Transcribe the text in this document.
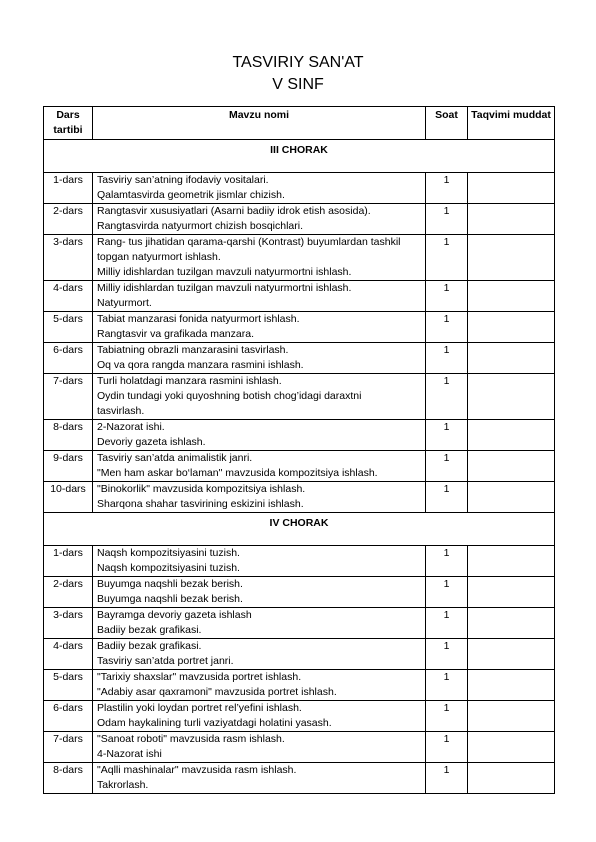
TASVIRIY SAN'AT
V SINF
Dars tartibi	Mavzu nomi	Soat	Taqvimi muddat
III CHORAK			
1-dars	Tasviriy san’atning ifodaviy vositalari.
Qalamtasvirda geometrik jismlar chizish.	1	
2-dars	Rangtasvir xususiyatlari (Asarni badiiy idrok etish asosida).
Rangtasvirda natyurmort chizish bosqichlari.	1	
3-dars	Rang- tus jihatidan qarama-qarshi (Kontrast) buyumlardan tashkil
topgan natyurmort ishlash.
Milliy idishlardan tuzilgan mavzuli natyurmortni ishlash.	1	
4-dars	Milliy idishlardan tuzilgan mavzuli natyurmortni ishlash.
Natyurmort.	1	
5-dars	Tabiat manzarasi fonida natyurmort ishlash.
Rangtasvir va grafikada manzara.	1	
6-dars	Tabiatning obrazli manzarasini tasvirlash.
Oq va qora rangda manzara rasmini ishlash.	1	
7-dars	Turli holatdagi manzara rasmini ishlash.
Oydin tundagi yoki quyoshning botish chog’idagi daraxtni
tasvirlash.	1	
8-dars	2-Nazorat ishi.
Devoriy gazeta ishlash.	1	
9-dars	Tasviriy san’atda animalistik janri.
"Men ham askar bo‘laman" mavzusida kompozitsiya ishlash.	1	
10-dars	"Binokorlik" mavzusida kompozitsiya ishlash.
Sharqona shahar tasvirining eskizini ishlash.	1	
IV CHORAK			
1-dars	Naqsh kompozitsiyasini tuzish.
Naqsh kompozitsiyasini tuzish.	1	
2-dars	Buyumga naqshli bezak berish.
Buyumga naqshli bezak berish.	1	
3-dars	Bayramga devoriy gazeta ishlash
Badiiy bezak grafikasi.	1	
4-dars	Badiiy bezak grafikasi.
Tasviriy san’atda portret janri.	1	
5-dars	"Tarixiy shaxslar" mavzusida portret ishlash.
"Adabiy asar qaxramoni" mavzusida portret ishlash.	1	
6-dars	Plastilin yoki loydan portret rel’yefini ishlash.
Odam haykalining turli vaziyatdagi holatini yasash.	1	
7-dars	"Sanoat roboti" mavzusida rasm ishlash.
4-Nazorat ishi	1	
8-dars	"Aqlli mashinalar" mavzusida rasm ishlash.
Takrorlash.	1	
